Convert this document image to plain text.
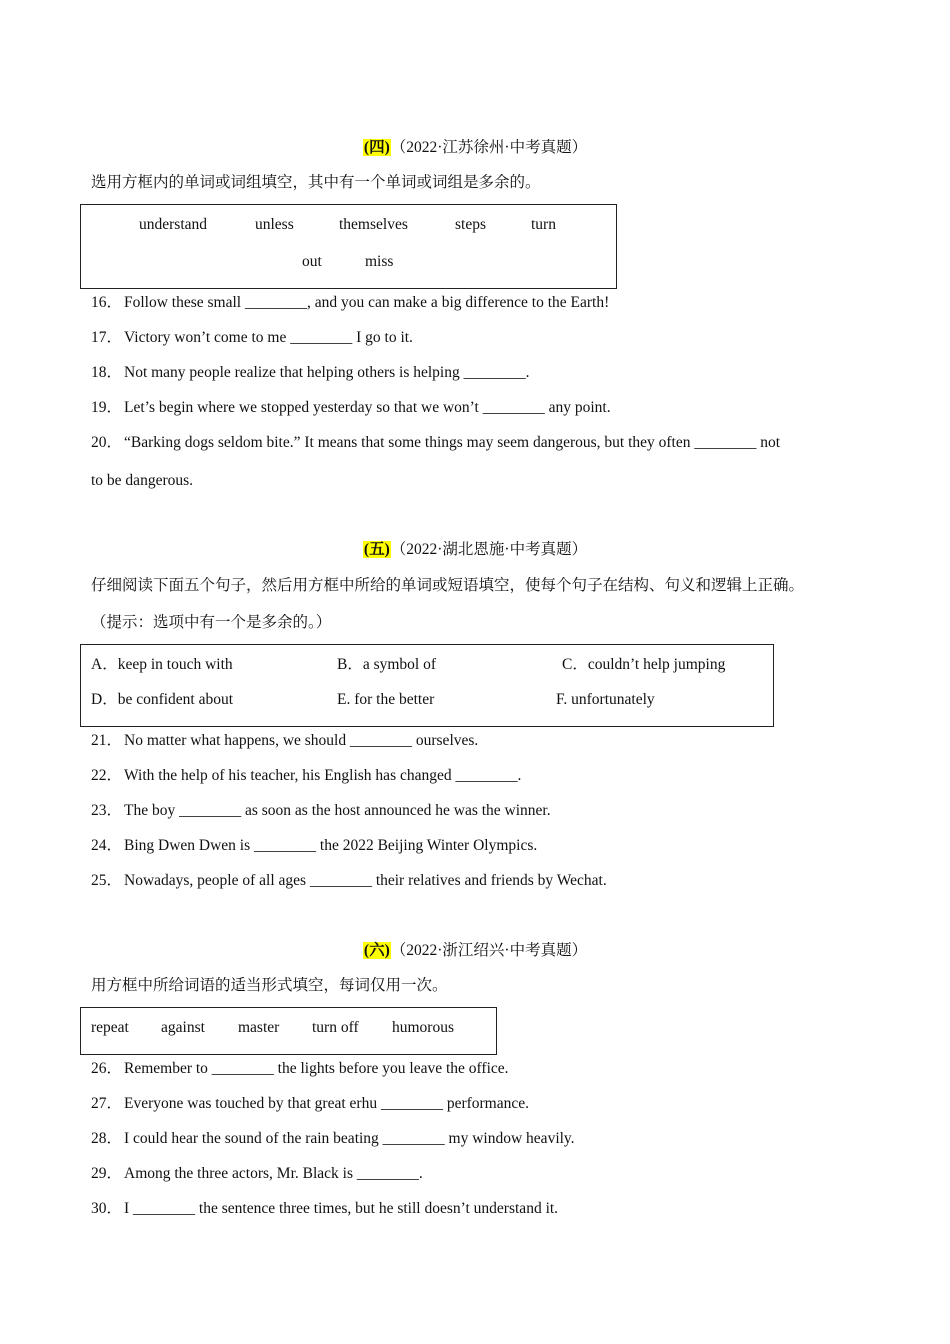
(四)（2022·江苏徐州·中考真题）
选用方框内的单词或词组填空，其中有一个单词或词组是多余的。
understand	unless	themselves	steps	turn
out	miss
16． Follow these small ________, and you can make a big difference to the Earth!
17． Victory won’t come to me ________ I go to it.
18． Not many people realize that helping others is helping ________.
19． Let’s begin where we stopped yesterday so that we won’t ________ any point.
20． “Barking dogs seldom bite.” It means that some things may seem dangerous, but they often ________ not
to be dangerous.
(五)（2022·湖北恩施·中考真题）
仔细阅读下面五个句子，然后用方框中所给的单词或短语填空，使每个句子在结构、句义和逻辑上正确。
（提示：选项中有一个是多余的。）
A．keep in touch with	B．a symbol of	C．couldn’t help jumping
D．be confident about	E. for the better	F. unfortunately
21． No matter what happens, we should ________ ourselves.
22． With the help of his teacher, his English has changed ________.
23． The boy ________ as soon as the host announced he was the winner.
24． Bing Dwen Dwen is ________ the 2022 Beijing Winter Olympics.
25． Nowadays, people of all ages ________ their relatives and friends by Wechat.
(六)（2022·浙江绍兴·中考真题）
用方框中所给词语的适当形式填空，每词仅用一次。
repeat against master turn off humorous
26． Remember to ________ the lights before you leave the office.
27． Everyone was touched by that great erhu ________ performance.
28． I could hear the sound of the rain beating ________ my window heavily.
29． Among the three actors, Mr. Black is ________.
30． I ________ the sentence three times, but he still doesn’t understand it.
